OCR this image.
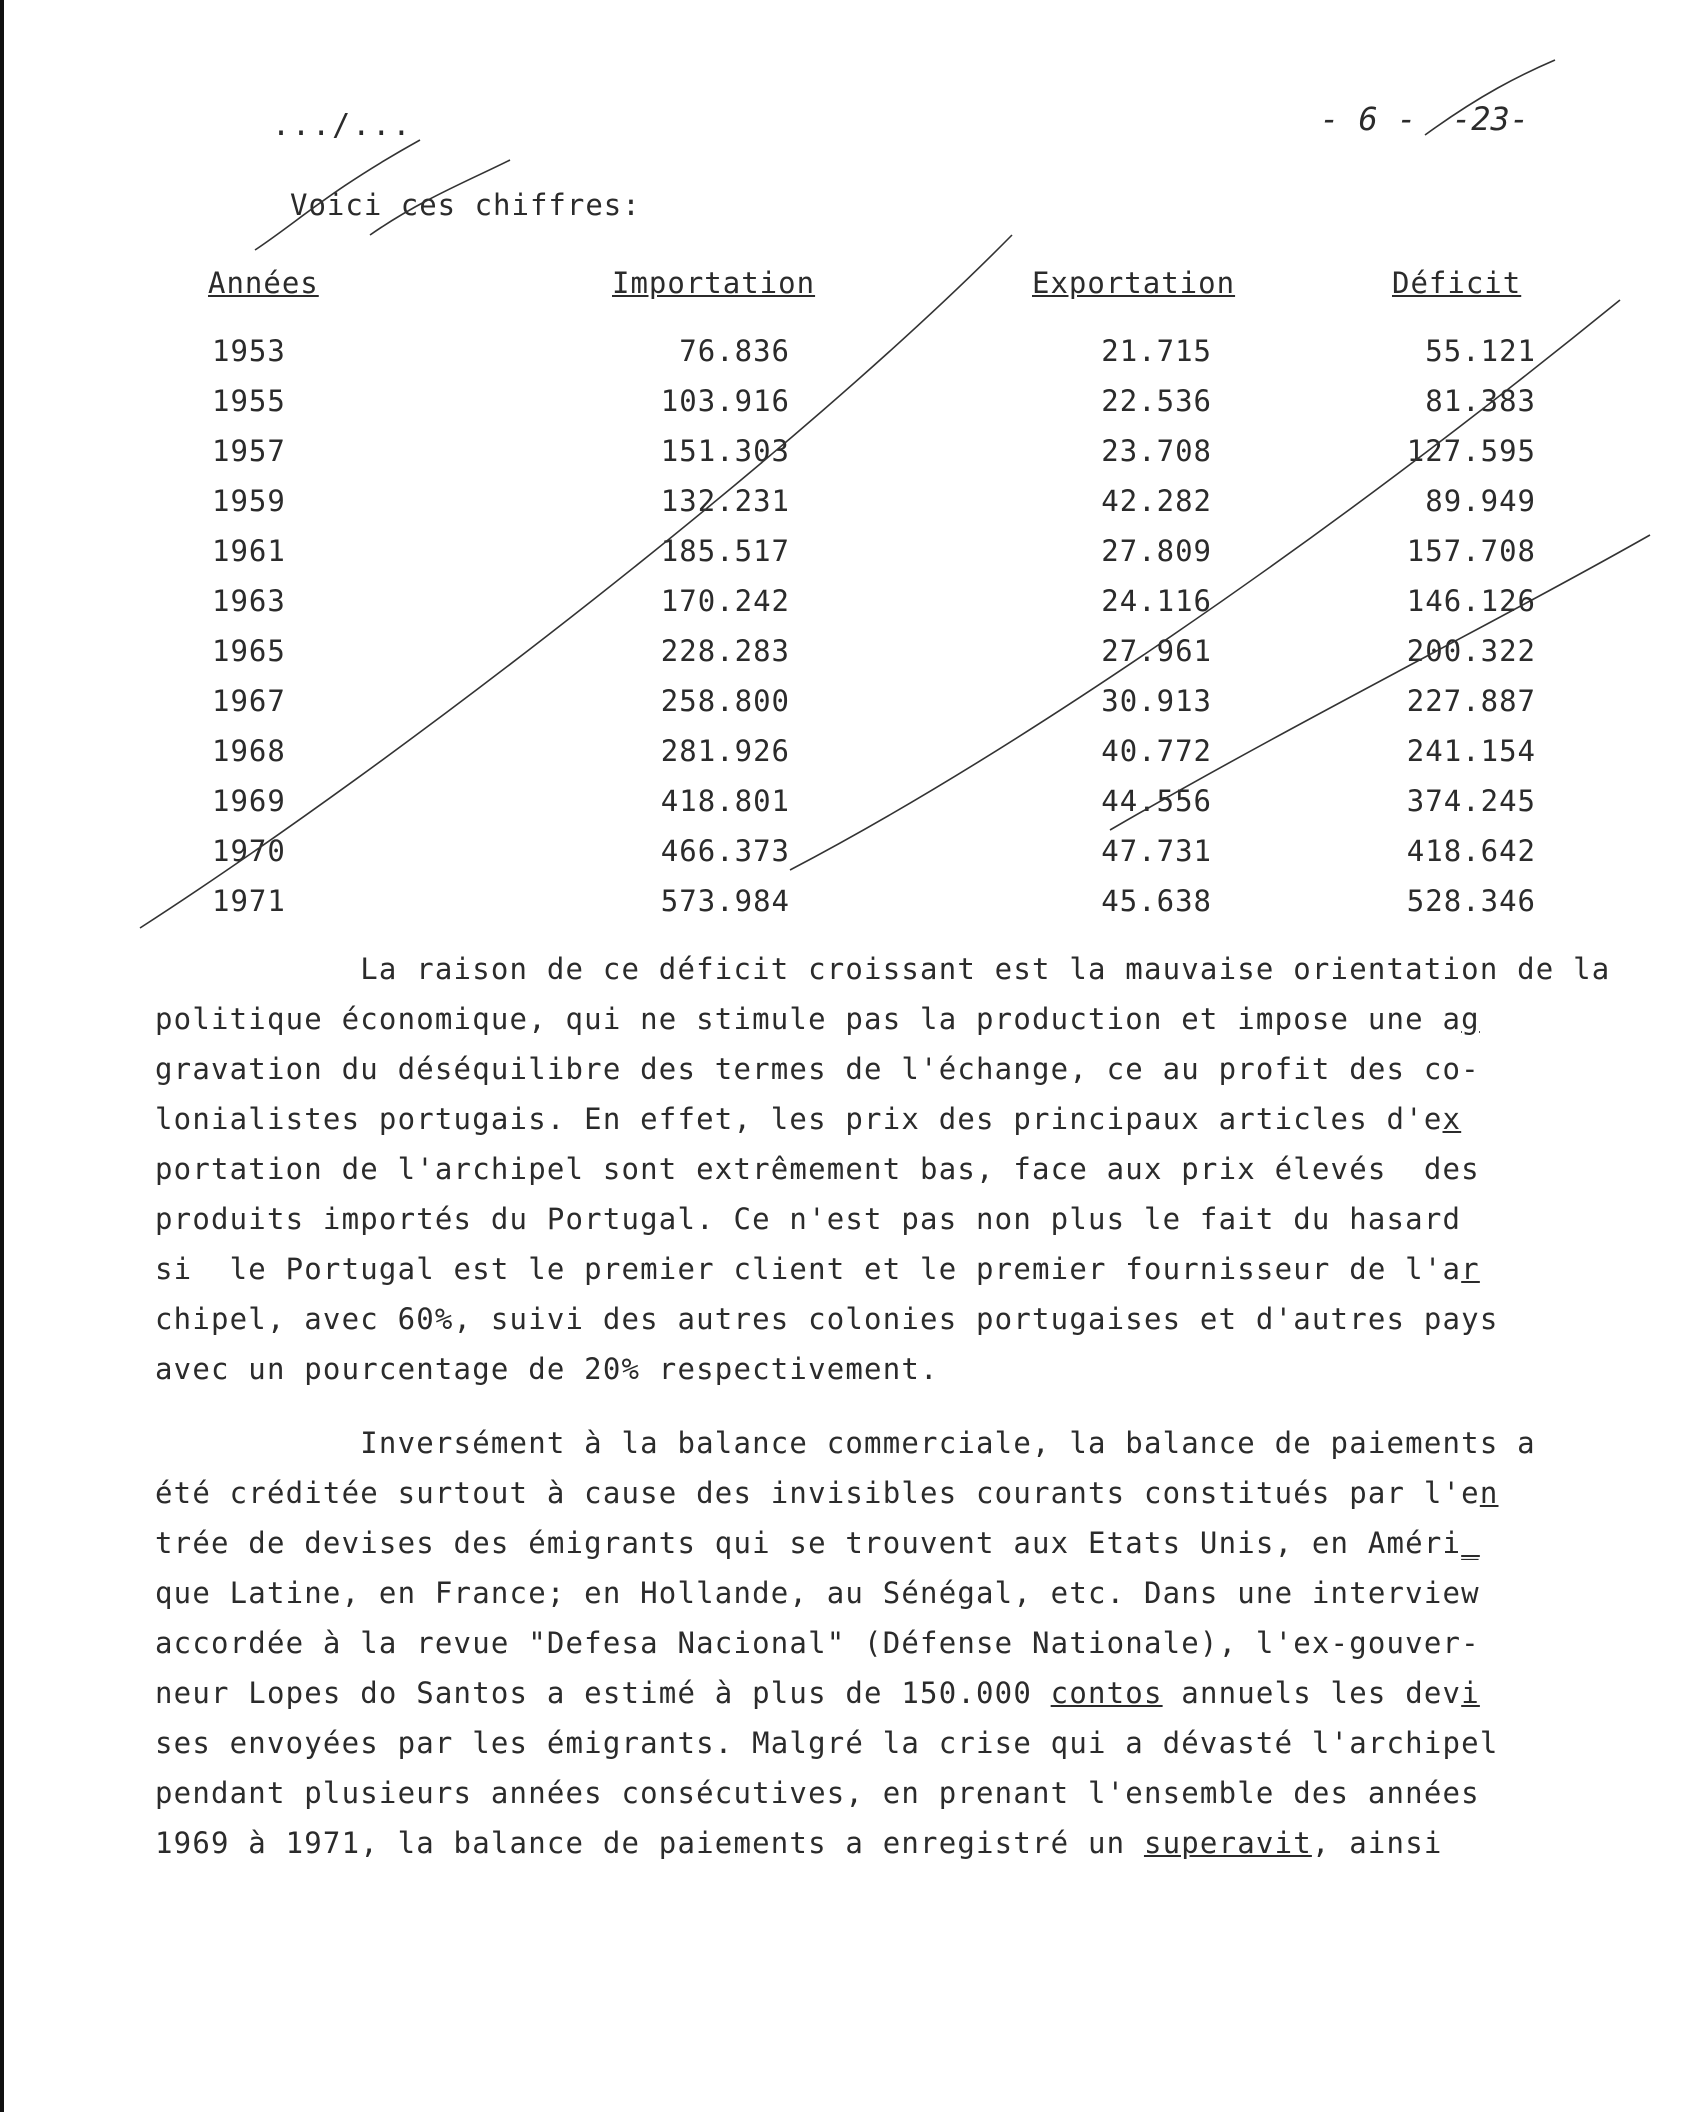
.../...	- 6 - -23-
Voici ces chiffres:
Années	Importation	Exportation	Déficit
1953	76.836	21.715	55.121
1955	103.916	22.536	81.383
1957	151.303	23.708	127.595
1959	132.231	42.282	89.949
1961	185.517	27.809	157.708
1963	170.242	24.116	146.126
1965	228.283	27.961	200.322
1967	258.800	30.913	227.887
1968	281.926	40.772	241.154
1969	418.801	44.556	374.245
1970	466.373	47.731	418.642
1971	573.984	45.638	528.346
La raison de ce déficit croissant est la mauvaise orientation de la
politique économique, qui ne stimule pas la production et impose une ag
gravation du déséquilibre des termes de l'échange, ce au profit des co-
lonialistes portugais. En effet, les prix des principaux articles d'ex
portation de l'archipel sont extrêmement bas, face aux prix élevés  des
produits importés du Portugal. Ce n'est pas non plus le fait du hasard
si  le Portugal est le premier client et le premier fournisseur de l'ar
chipel, avec 60%, suivi des autres colonies portugaises et d'autres pays
avec un pourcentage de 20% respectivement.
Inversément à la balance commerciale, la balance de paiements a
été créditée surtout à cause des invisibles courants constitués par l'en
trée de devises des émigrants qui se trouvent aux Etats Unis, en Améri_
que Latine, en France; en Hollande, au Sénégal, etc. Dans une interview
accordée à la revue "Defesa Nacional" (Défense Nationale), l'ex-gouver-
neur Lopes do Santos a estimé à plus de 150.000 contos annuels les devi
ses envoyées par les émigrants. Malgré la crise qui a dévasté l'archipel
pendant plusieurs années consécutives, en prenant l'ensemble des années
1969 à 1971, la balance de paiements a enregistré un superavit, ainsi
